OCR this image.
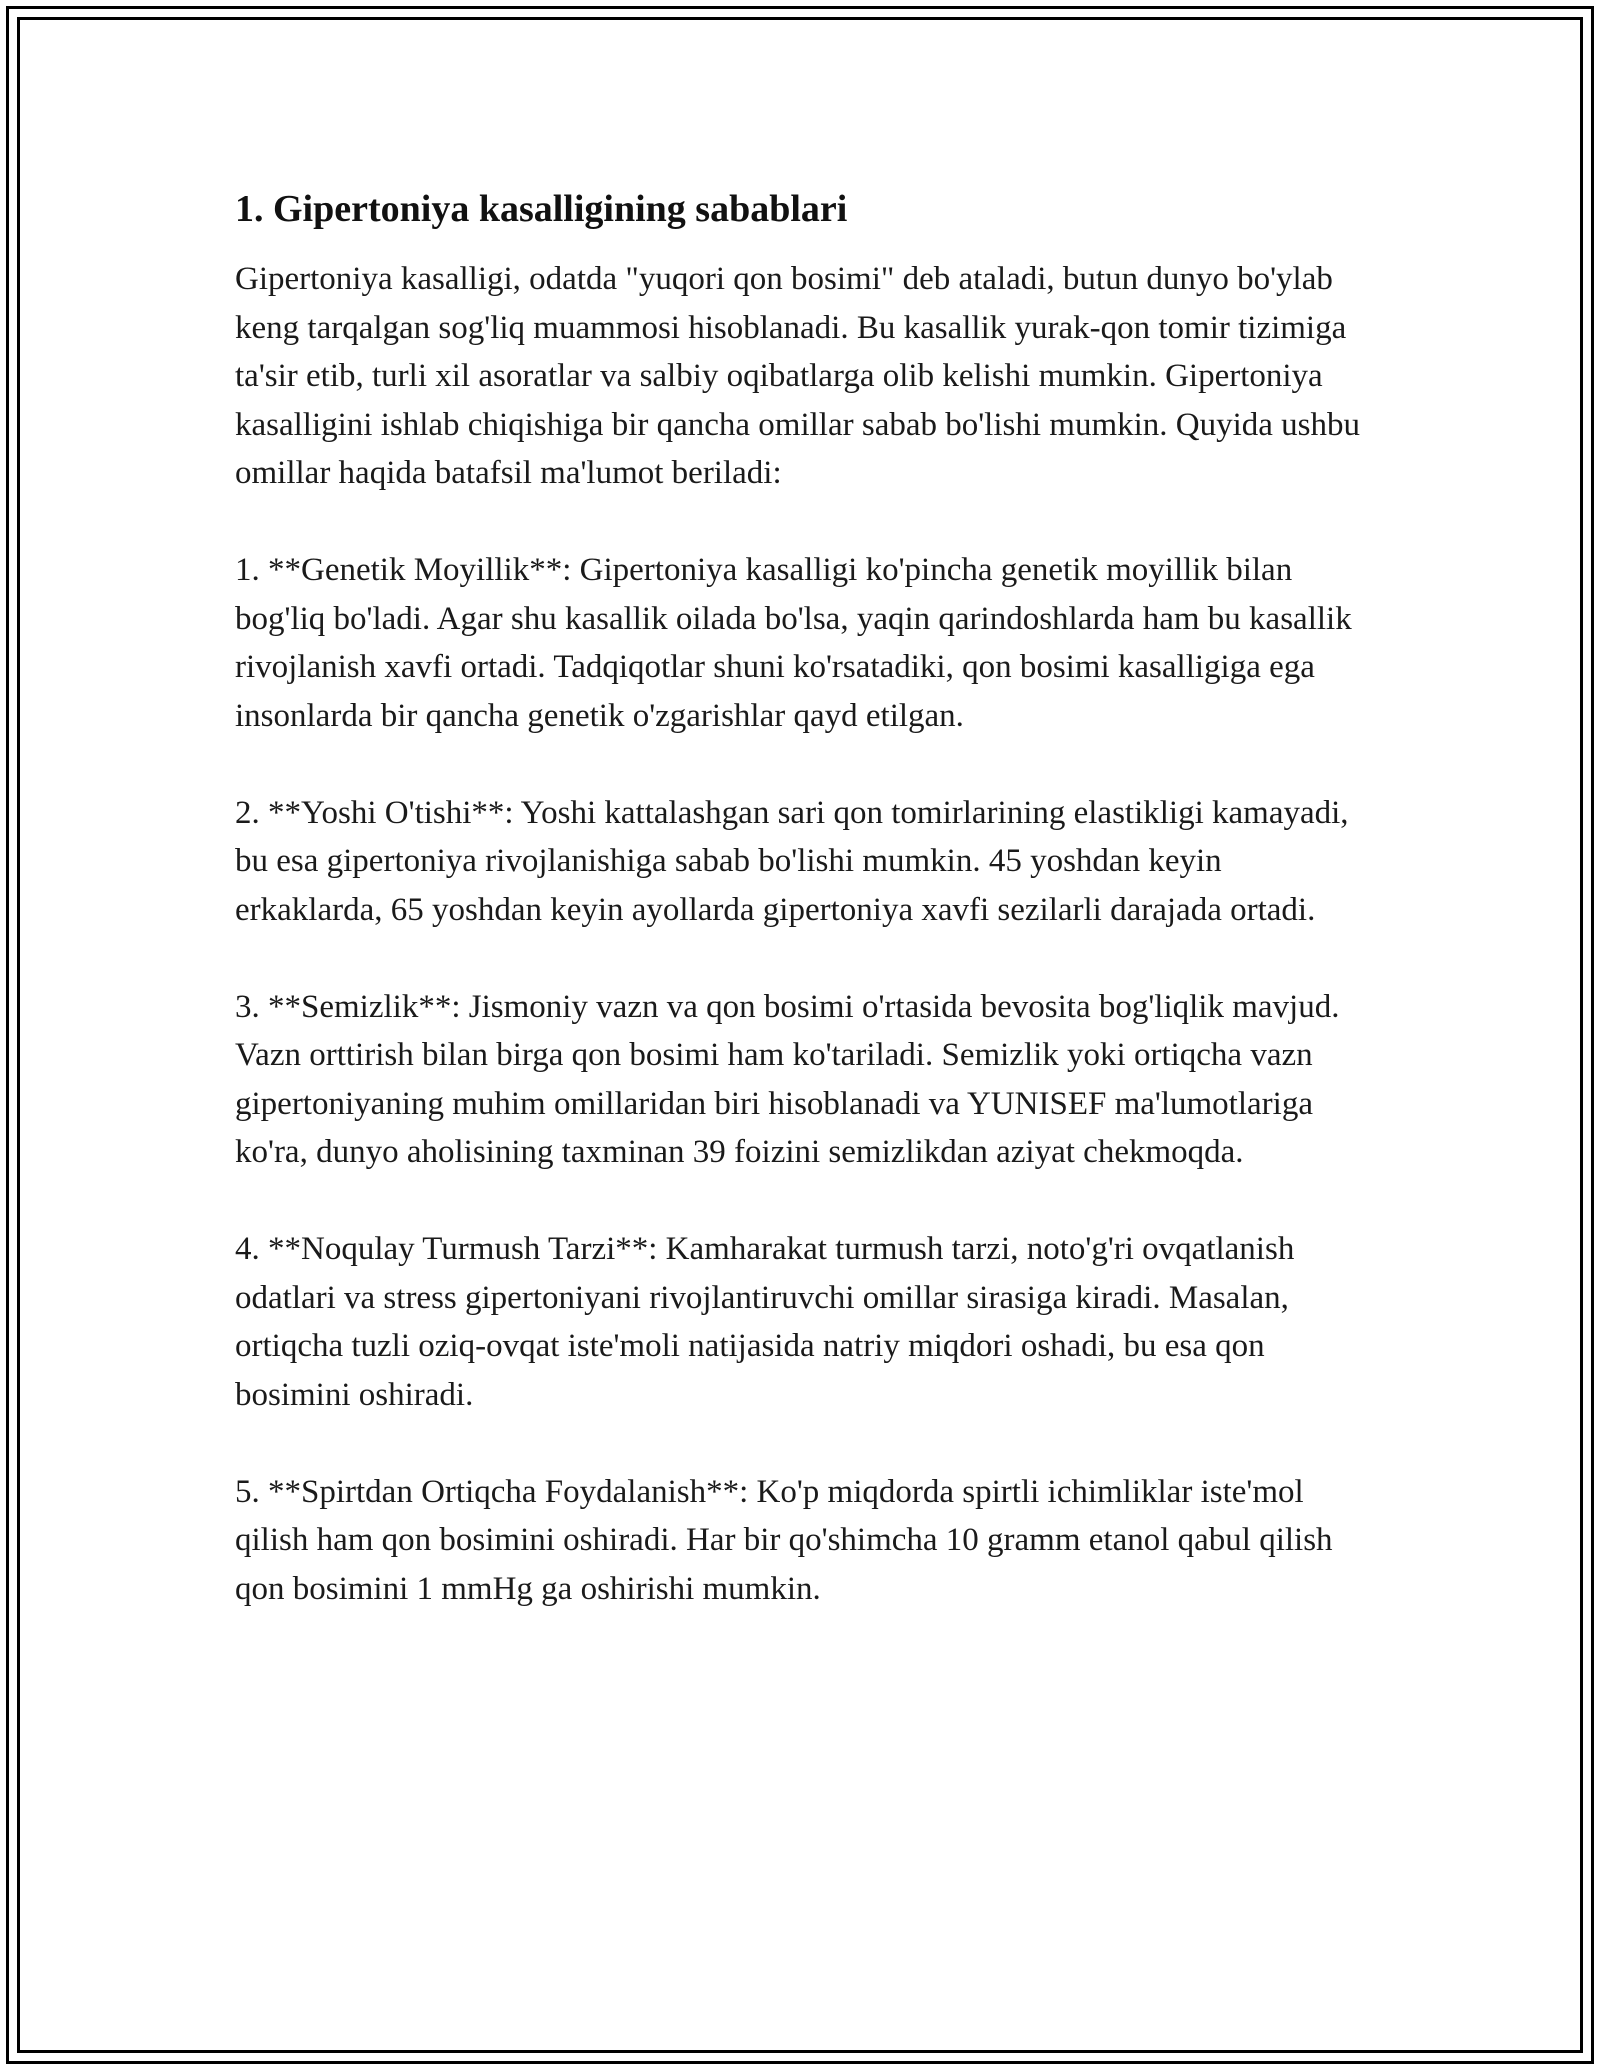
1. Gipertoniya kasalligining sabablari

Gipertoniya kasalligi, odatda "yuqori qon bosimi" deb ataladi, butun dunyo bo'ylab keng tarqalgan sog'liq muammosi hisoblanadi. Bu kasallik yurak-qon tomir tizimiga ta'sir etib, turli xil asoratlar va salbiy oqibatlarga olib kelishi mumkin. Gipertoniya kasalligini ishlab chiqishiga bir qancha omillar sabab bo'lishi mumkin. Quyida ushbu omillar haqida batafsil ma'lumot beriladi:

1. **Genetik Moyillik**: Gipertoniya kasalligi ko'pincha genetik moyillik bilan bog'liq bo'ladi. Agar shu kasallik oilada bo'lsa, yaqin qarindoshlarda ham bu kasallik rivojlanish xavfi ortadi. Tadqiqotlar shuni ko'rsatadiki, qon bosimi kasalligiga ega insonlarda bir qancha genetik o'zgarishlar qayd etilgan.

2. **Yoshi O'tishi**: Yoshi kattalashgan sari qon tomirlarining elastikligi kamayadi, bu esa gipertoniya rivojlanishiga sabab bo'lishi mumkin. 45 yoshdan keyin erkaklarda, 65 yoshdan keyin ayollarda gipertoniya xavfi sezilarli darajada ortadi.

3. **Semizlik**: Jismoniy vazn va qon bosimi o'rtasida bevosita bog'liqlik mavjud. Vazn orttirish bilan birga qon bosimi ham ko'tariladi. Semizlik yoki ortiqcha vazn gipertoniyaning muhim omillaridan biri hisoblanadi va YUNISEF ma'lumotlariga ko'ra, dunyo aholisining taxminan 39 foizini semizlikdan aziyat chekmoqda.

4. **Noqulay Turmush Tarzi**: Kamharakat turmush tarzi, noto'g'ri ovqatlanish odatlari va stress gipertoniyani rivojlantiruvchi omillar sirasiga kiradi. Masalan, ortiqcha tuzli oziq-ovqat iste'moli natijasida natriy miqdori oshadi, bu esa qon bosimini oshiradi.

5. **Spirtdan Ortiqcha Foydalanish**: Ko'p miqdorda spirtli ichimliklar iste'mol qilish ham qon bosimini oshiradi. Har bir qo'shimcha 10 gramm etanol qabul qilish qon bosimini 1 mmHg ga oshirishi mumkin.
